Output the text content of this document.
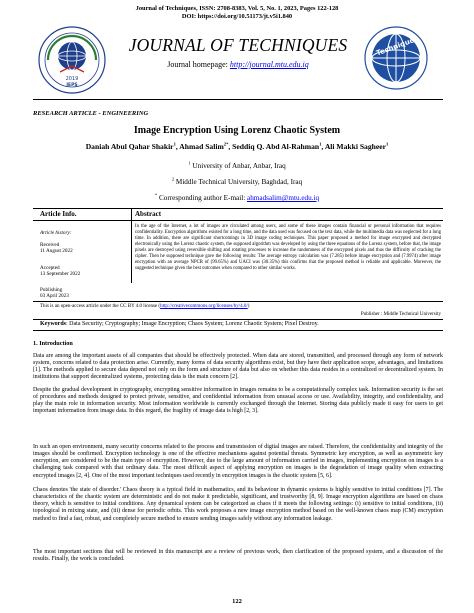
Journal of Techniques, ISSN: 2708-8383, Vol. 5, No. 1, 2023, Pages 122-128
DOI: https://doi.org/10.51173/jt.v5i1.840
2019
IEPS
JOURNAL OF TECHNIQUES
Journal homepage: http://journal.mtu.edu.iq
Techniques
RESEARCH ARTICLE - ENGINEERING
Image Encryption Using Lorenz Chaotic System
Daniah Abul Qahar Shakir$^1$, Ahmad Salim$^{2*}$, Seddiq Q. Abd Al-Rahman$^1$, Ali Makki Sagheer$^1$
$^1$ University of Anbar, Anbar, Iraq
$^2$ Middle Technical University, Baghdad, Iraq
* Corresponding author E-mail: ahmadsalim@mtu.edu.iq
Article Info.	Abstract
Article history:
Received
11 August 2022
Accepted
13 September 2022
Publishing
03 April 2023
In the age of the Internet, a lot of images are circulated among users, and some of these images contain financial or personal information that requires confidentiality. Encryption algorithms existed for a long time, and the data used was focused on the text data, while the multimedia data was neglected for a long time. In addition, there are significant shortcomings in 3D image coding techniques. This paper proposed a method for image encrypted and decrypted electronically using the Lorenz chaotic system, the supposed algorithm was developed by using the three equations of the Lorenz system, before that, the image pixels are destroyed using reversible shifting and rotating processes to increase the randomness of the encrypted pixels and thus the difficulty of cracking the cipher. Then he supposed technique gave the following results: The average entropy calculation was (7.285) before image encryption and (7.9974) after image encryption with an average NPCR of (99.65%) and UACI was (30.35%) this confirms that the proposed method is reliable and applicable. Moreover, the suggested technique given the best outcomes when compared to other similar works.
This is an open-access article under the CC BY 4.0 license (http://creativecommons.org/licenses/by/4.0/)
Publisher : Middle Technical University
Keywords: Data Security; Cryptography; Image Encryption; Chaos System; Lorenz Chaotic System; Pixel Destroy.
1. Introduction
Data are among the important assets of all companies that should be effectively protected. When data are stored, transmitted, and processed through any form of network system, concerns related to data protection arise. Currently, many forms of data security algorithms exist, but they have their application scope, advantages, and limitations [1]. The methods applied to secure data depend not only on the form and structure of data but also on whether this data resides in a centralized or decentralized system. In institutions that support decentralized systems, protecting data is the main concern [2].
Despite the gradual development in cryptography, encrypting sensitive information in images remains to be a computationally complex task. Information security is the set of procedures and methods designed to protect private, sensitive, and confidential information from unusual access or use. Availability, integrity, and confidentiality, and play the main role in information security. Most information worldwide is currently exchanged through the Internet. Storing data publicly made it easy for users to get important information from image data. In this regard, the fragility of image data is high [2, 3].
In such an open environment, many security concerns related to the process and transmission of digital images are raised. Therefore, the confidentiality and integrity of the images should be confirmed. Encryption technology is one of the effective mechanisms against potential threats. Symmetric key encryption, as well as asymmetric key encryption, are considered to be the main type of encryption. However, due to the large amount of information carried in images, implementing encryption on images is a challenging task compared with that ordinary data. The most difficult aspect of applying encryption on images is the degradation of image quality when extracting encrypted images [2, 4]. One of the most important techniques used recently in encryption images is the chaotic system [5, 6].
Chaos denotes 'the state of disorder.' Chaos theory is a typical field in mathematics, and its behaviour in dynamic systems is highly sensitive to initial conditions [7]. The characteristics of the chaotic system are deterministic and do not make it predictable, significant, and trustworthy [8, 9]. Image encryption algorithms are based on chaos theory, which is sensitive to initial conditions. Any dynamical system can be categorized as chaos if it meets the following settings: (i) sensitive to initial conditions, (ii) topological in mixing state, and (iii) dense for periodic orbits. This work proposes a new image encryption method based on the well-known chaos map (CM) encryption method to find a fast, robust, and completely secure method to ensure sending images safely without any information leakage.
The most important sections that will be reviewed in this manuscript are a review of previous work, then clarification of the proposed system, and a discussion of the results. Finally, the work is concluded.
122
